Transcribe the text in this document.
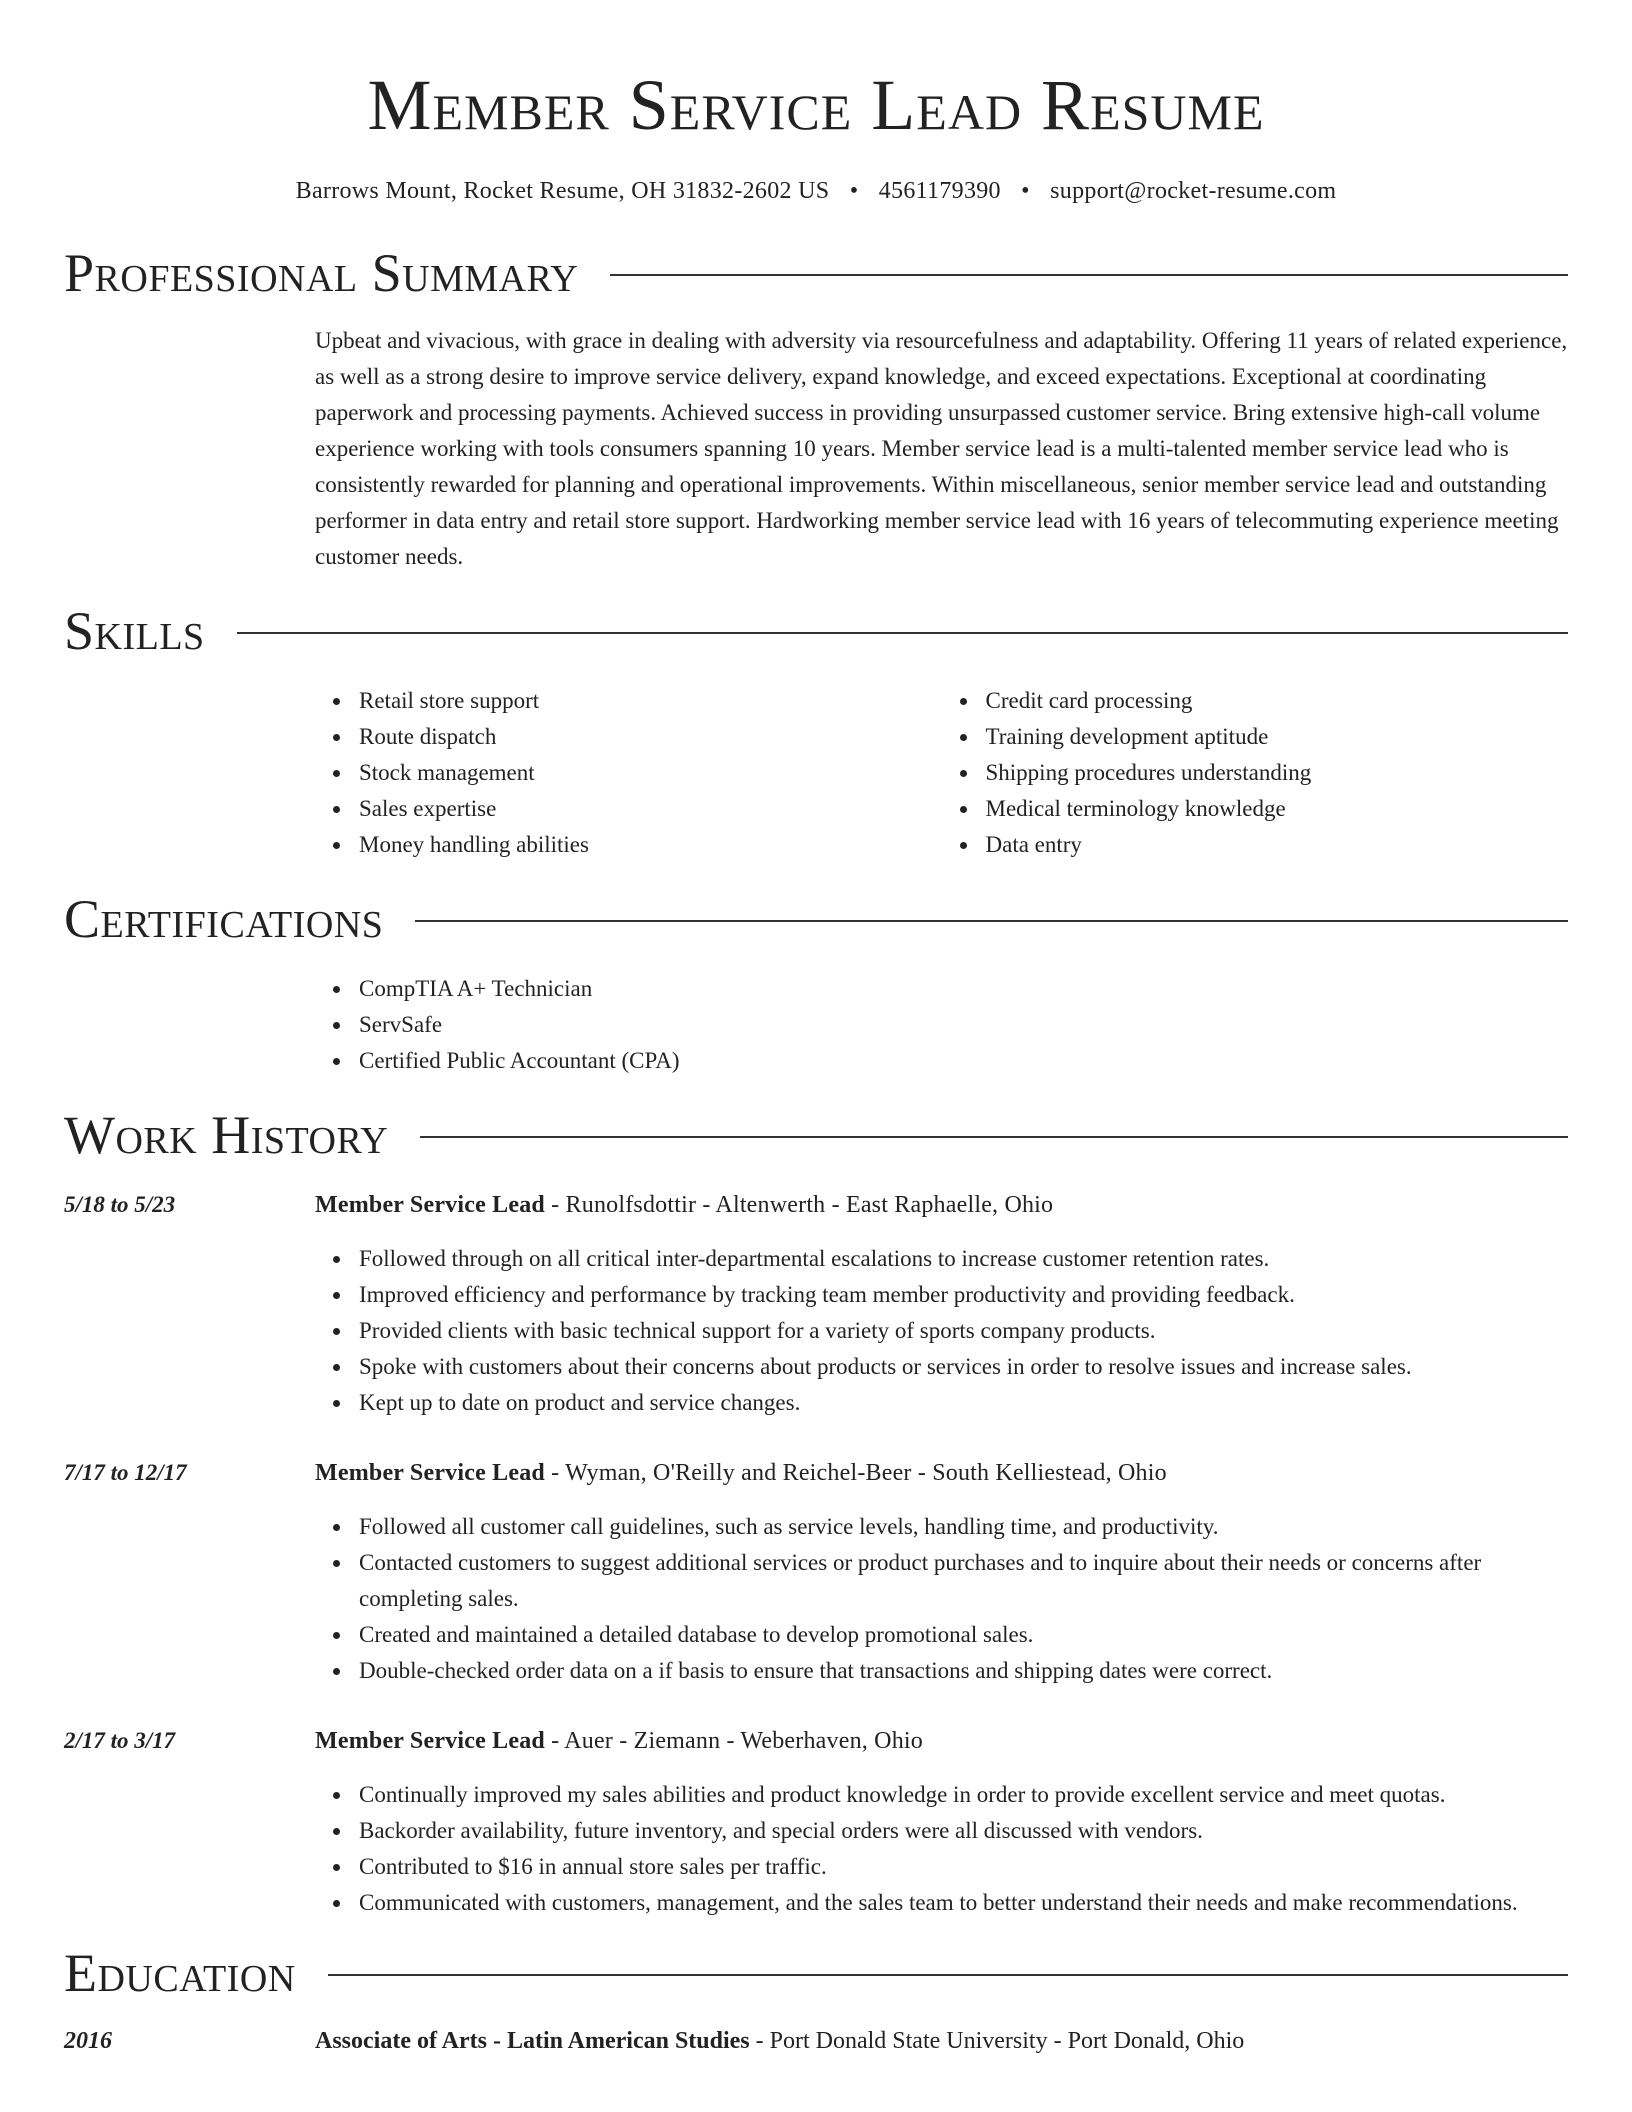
Member Service Lead Resume
Barrows Mount, Rocket Resume, OH 31832-2602 US • 4561179390 • support@rocket-resume.com
Professional Summary
Upbeat and vivacious, with grace in dealing with adversity via resourcefulness and adaptability. Offering 11 years of related experience, as well as a strong desire to improve service delivery, expand knowledge, and exceed expectations. Exceptional at coordinating paperwork and processing payments. Achieved success in providing unsurpassed customer service. Bring extensive high-call volume experience working with tools consumers spanning 10 years. Member service lead is a multi-talented member service lead who is consistently rewarded for planning and operational improvements. Within miscellaneous, senior member service lead and outstanding performer in data entry and retail store support. Hardworking member service lead with 16 years of telecommuting experience meeting customer needs.
Skills
Retail store support
Route dispatch
Stock management
Sales expertise
Money handling abilities
Credit card processing
Training development aptitude
Shipping procedures understanding
Medical terminology knowledge
Data entry
Certifications
CompTIA A+ Technician
ServSafe
Certified Public Accountant (CPA)
Work History
5/18 to 5/23	Member Service Lead - Runolfsdottir - Altenwerth - East Raphaelle, Ohio
Followed through on all critical inter-departmental escalations to increase customer retention rates.
Improved efficiency and performance by tracking team member productivity and providing feedback.
Provided clients with basic technical support for a variety of sports company products.
Spoke with customers about their concerns about products or services in order to resolve issues and increase sales.
Kept up to date on product and service changes.
7/17 to 12/17	Member Service Lead - Wyman, O'Reilly and Reichel-Beer - South Kelliestead, Ohio
Followed all customer call guidelines, such as service levels, handling time, and productivity.
Contacted customers to suggest additional services or product purchases and to inquire about their needs or concerns after completing sales.
Created and maintained a detailed database to develop promotional sales.
Double-checked order data on a if basis to ensure that transactions and shipping dates were correct.
2/17 to 3/17	Member Service Lead - Auer - Ziemann - Weberhaven, Ohio
Continually improved my sales abilities and product knowledge in order to provide excellent service and meet quotas.
Backorder availability, future inventory, and special orders were all discussed with vendors.
Contributed to $16 in annual store sales per traffic.
Communicated with customers, management, and the sales team to better understand their needs and make recommendations.
Education
2016	Associate of Arts - Latin American Studies - Port Donald State University - Port Donald, Ohio
